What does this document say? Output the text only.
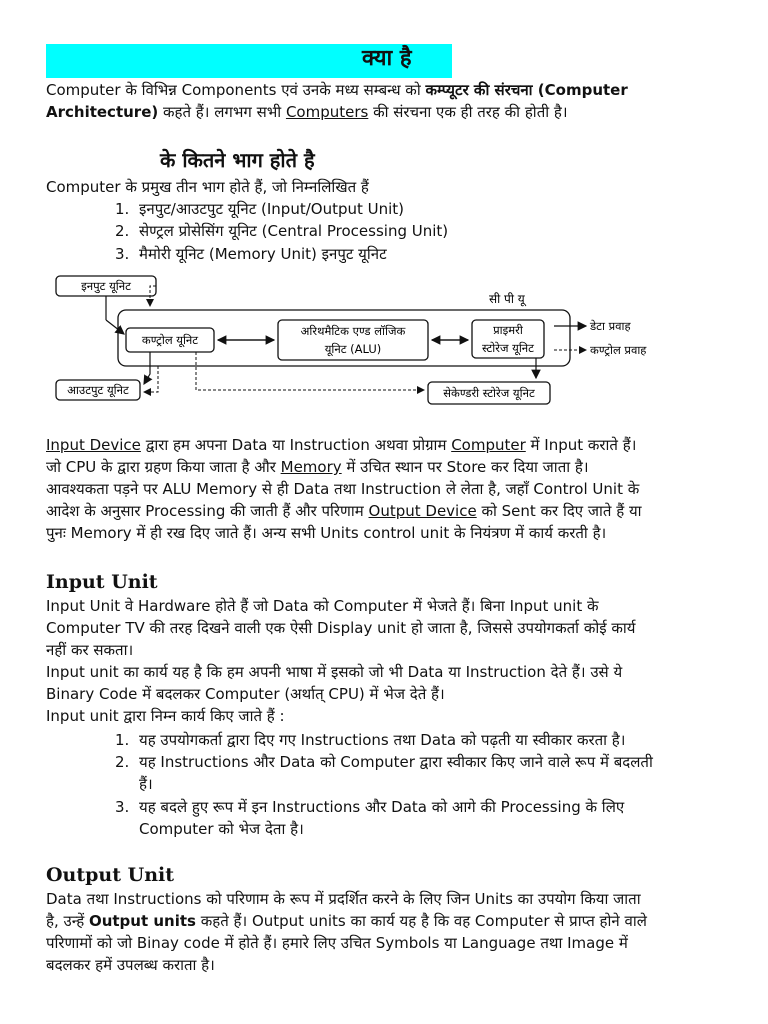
क्या है
Computer के विभिन्न Components एवं उनके मध्य सम्बन्ध को कम्प्यूटर की संरचना (Computer Architecture) कहते हैं। लगभग सभी Computers की संरचना एक ही तरह की होती है।
के कितने भाग होते है
Computer के प्रमुख तीन भाग होते हैं, जो निम्नलिखित हैं
1. इनपुट/आउटपुट यूनिट (Input/Output Unit)
2. सेण्ट्रल प्रोसेसिंग यूनिट (Central Processing Unit)
3. मैमोरी यूनिट (Memory Unit) इनपुट यूनिट
सी पी यू
इनपुट यूनिट
कण्ट्रोल यूनिट
अरिथमैटिक एण्ड लॉजिक
यूनिट (ALU)
प्राइमरी
स्टोरेज यूनिट
आउटपुट यूनिट	सेकेण्डरी स्टोरेज यूनिट
डेटा प्रवाह
कण्ट्रोल प्रवाह
Input Device द्वारा हम अपना Data या Instruction अथवा प्रोग्राम Computer में Input कराते हैं।
जो CPU के द्वारा ग्रहण किया जाता है और Memory में उचित स्थान पर Store कर दिया जाता है।
आवश्यकता पड़ने पर ALU Memory से ही Data तथा Instruction ले लेता है, जहाँ Control Unit के
आदेश के अनुसार Processing की जाती हैं और परिणाम Output Device को Sent कर दिए जाते हैं या
पुनः Memory में ही रख दिए जाते हैं। अन्य सभी Units control unit के नियंत्रण में कार्य करती है।
Input Unit
Input Unit वे Hardware होते हैं जो Data को Computer में भेजते हैं। बिना Input unit के
Computer TV की तरह दिखने वाली एक ऐसी Display unit हो जाता है, जिससे उपयोगकर्ता कोई कार्य
नहीं कर सकता।
Input unit का कार्य यह है कि हम अपनी भाषा में इसको जो भी Data या Instruction देते हैं। उसे ये
Binary Code में बदलकर Computer (अर्थात् CPU) में भेज देते हैं।
Input unit द्वारा निम्न कार्य किए जाते हैं :
1. यह उपयोगकर्ता द्वारा दिए गए Instructions तथा Data को पढ़ती या स्वीकार करता है।
2. यह Instructions और Data को Computer द्वारा स्वीकार किए जाने वाले रूप में बदलती
हैं।
3. यह बदले हुए रूप में इन Instructions और Data को आगे की Processing के लिए
Computer को भेज देता है।
Output Unit
Data तथा Instructions को परिणाम के रूप में प्रदर्शित करने के लिए जिन Units का उपयोग किया जाता
है, उन्हें Output units कहते हैं। Output units का कार्य यह है कि वह Computer से प्राप्त होने वाले
परिणामों को जो Binay code में होते हैं। हमारे लिए उचित Symbols या Language तथा Image में
बदलकर हमें उपलब्ध कराता है।
